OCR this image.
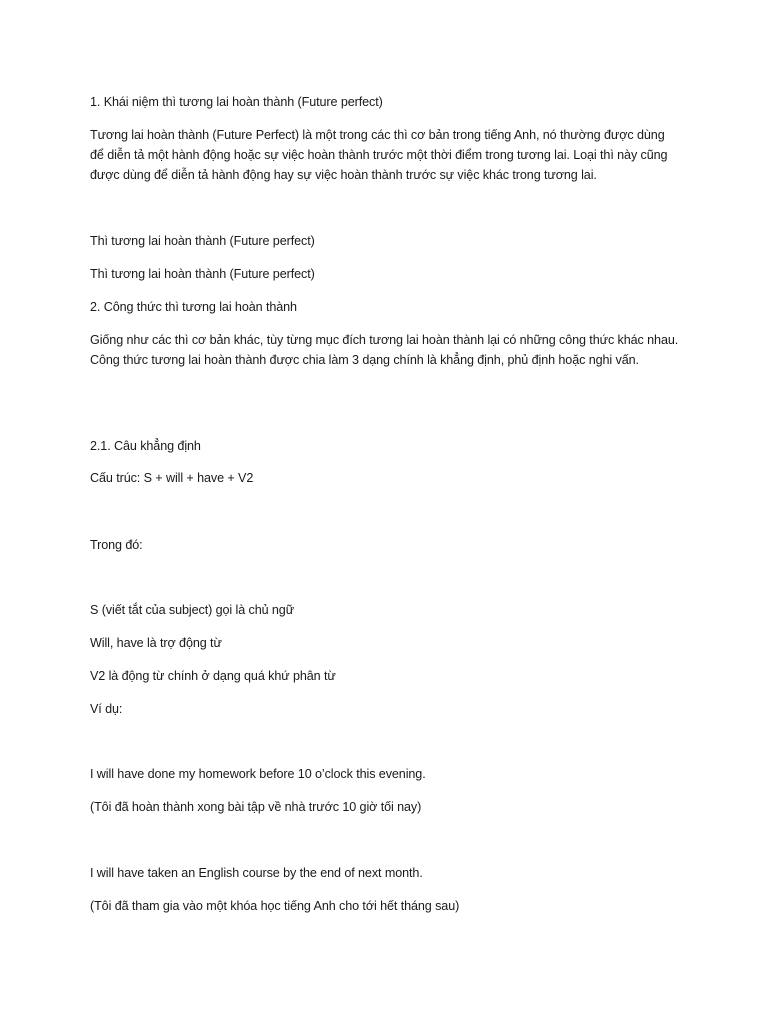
1. Khái niệm thì tương lai hoàn thành (Future perfect)
Tương lai hoàn thành (Future Perfect) là một trong các thì cơ bản trong tiếng Anh, nó thường được dùng để diễn tả một hành động hoặc sự việc hoàn thành trước một thời điểm trong tương lai. Loại thì này cũng được dùng để diễn tả hành động hay sự việc hoàn thành trước sự việc khác trong tương lai.
Thì tương lai hoàn thành (Future perfect)
Thì tương lai hoàn thành (Future perfect)
2. Công thức thì tương lai hoàn thành
Giống như các thì cơ bản khác, tùy từng mục đích tương lai hoàn thành lại có những công thức khác nhau. Công thức tương lai hoàn thành được chia làm 3 dạng chính là khẳng định, phủ định hoặc nghi vấn.
2.1. Câu khẳng định
Cấu trúc: S + will + have + V2
Trong đó:
S (viết tắt của subject) gọi là chủ ngữ
Will, have là trợ động từ
V2 là động từ chính ở dạng quá khứ phân từ
Ví dụ:
I will have done my homework before 10 o’clock this evening.
(Tôi đã hoàn thành xong bài tập về nhà trước 10 giờ tối nay)
I will have taken an English course by the end of next month.
(Tôi đã tham gia vào một khóa học tiếng Anh cho tới hết tháng sau)
